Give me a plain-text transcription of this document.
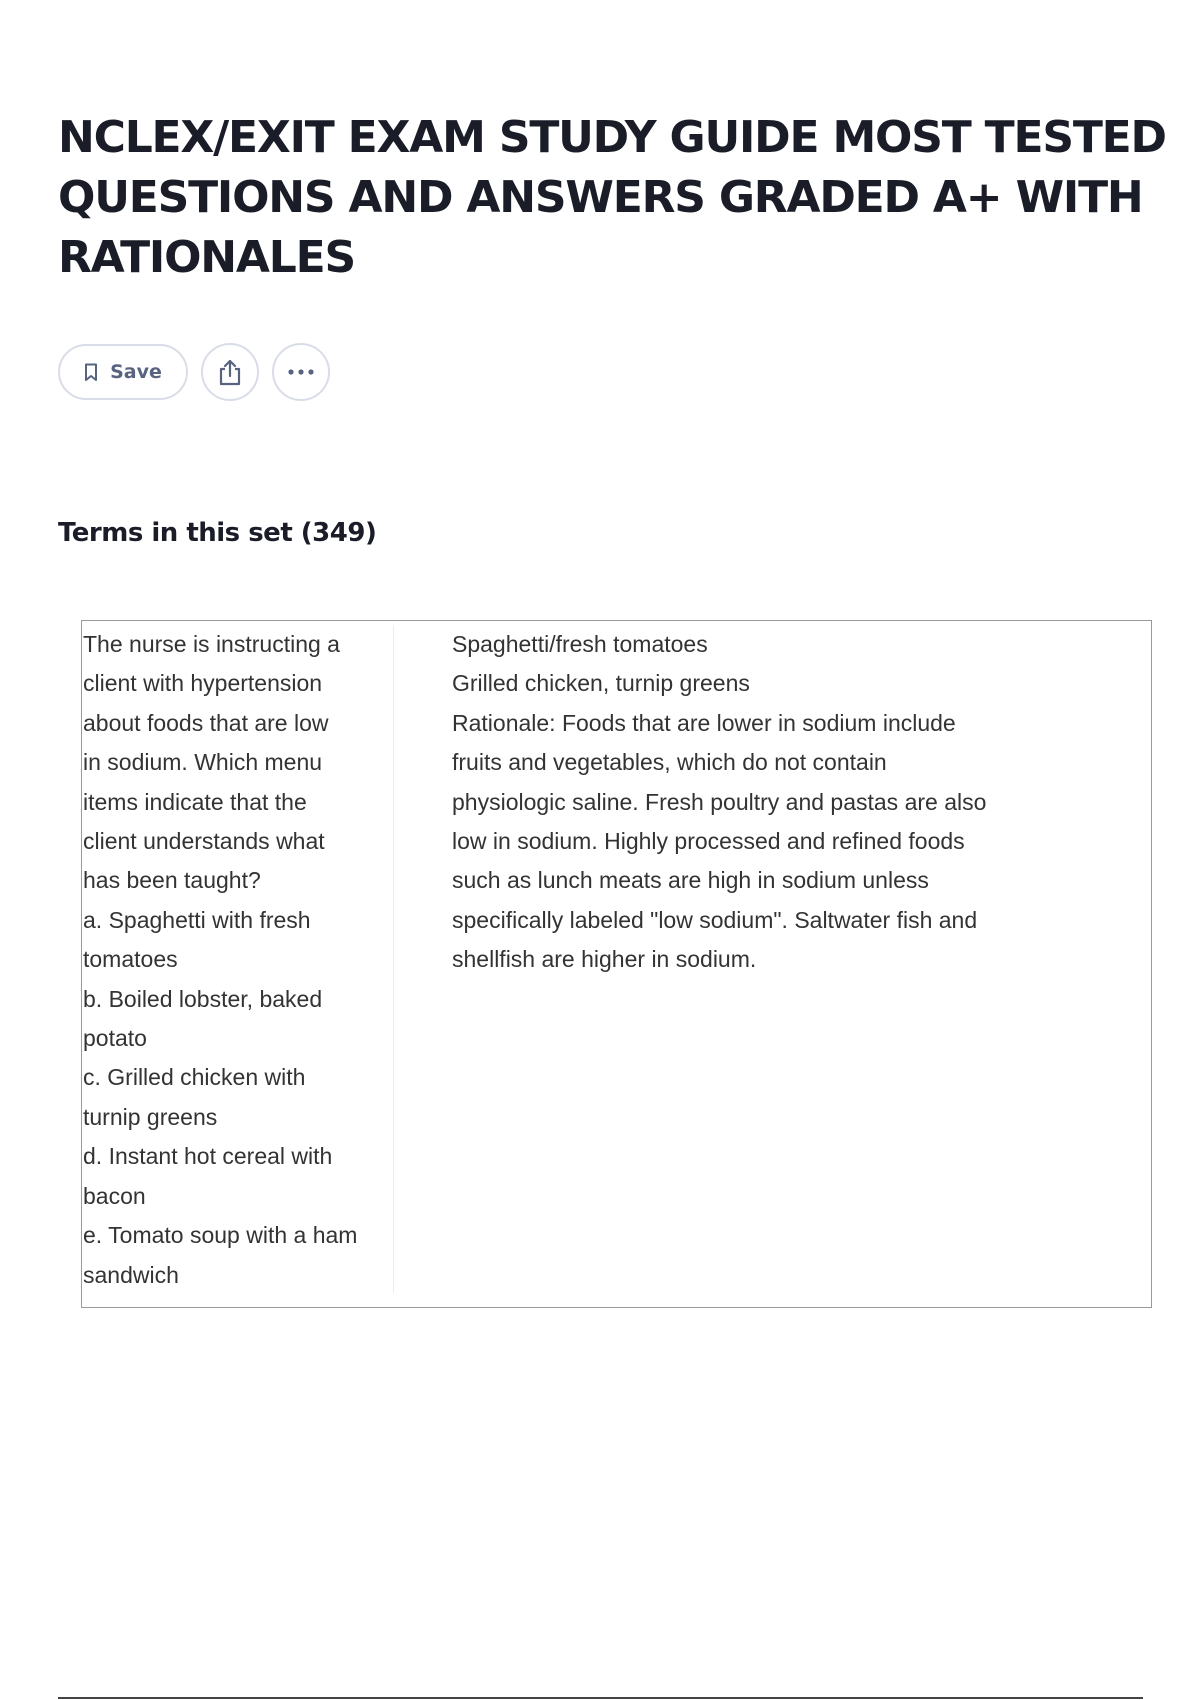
NCLEX/EXIT EXAM STUDY GUIDE MOST TESTED
QUESTIONS AND ANSWERS GRADED A+ WITH
RATIONALES
Save
Terms in this set (349)
The nurse is instructing a
client with hypertension
about foods that are low
in sodium. Which menu
items indicate that the
client understands what
has been taught?
a. Spaghetti with fresh
tomatoes
b. Boiled lobster, baked
potato
c. Grilled chicken with
turnip greens
d. Instant hot cereal with
bacon
e. Tomato soup with a ham
sandwich
Spaghetti/fresh tomatoes
Grilled chicken, turnip greens
Rationale: Foods that are lower in sodium include
fruits and vegetables, which do not contain
physiologic saline. Fresh poultry and pastas are also
low in sodium. Highly processed and refined foods
such as lunch meats are high in sodium unless
specifically labeled "low sodium". Saltwater fish and
shellfish are higher in sodium.
